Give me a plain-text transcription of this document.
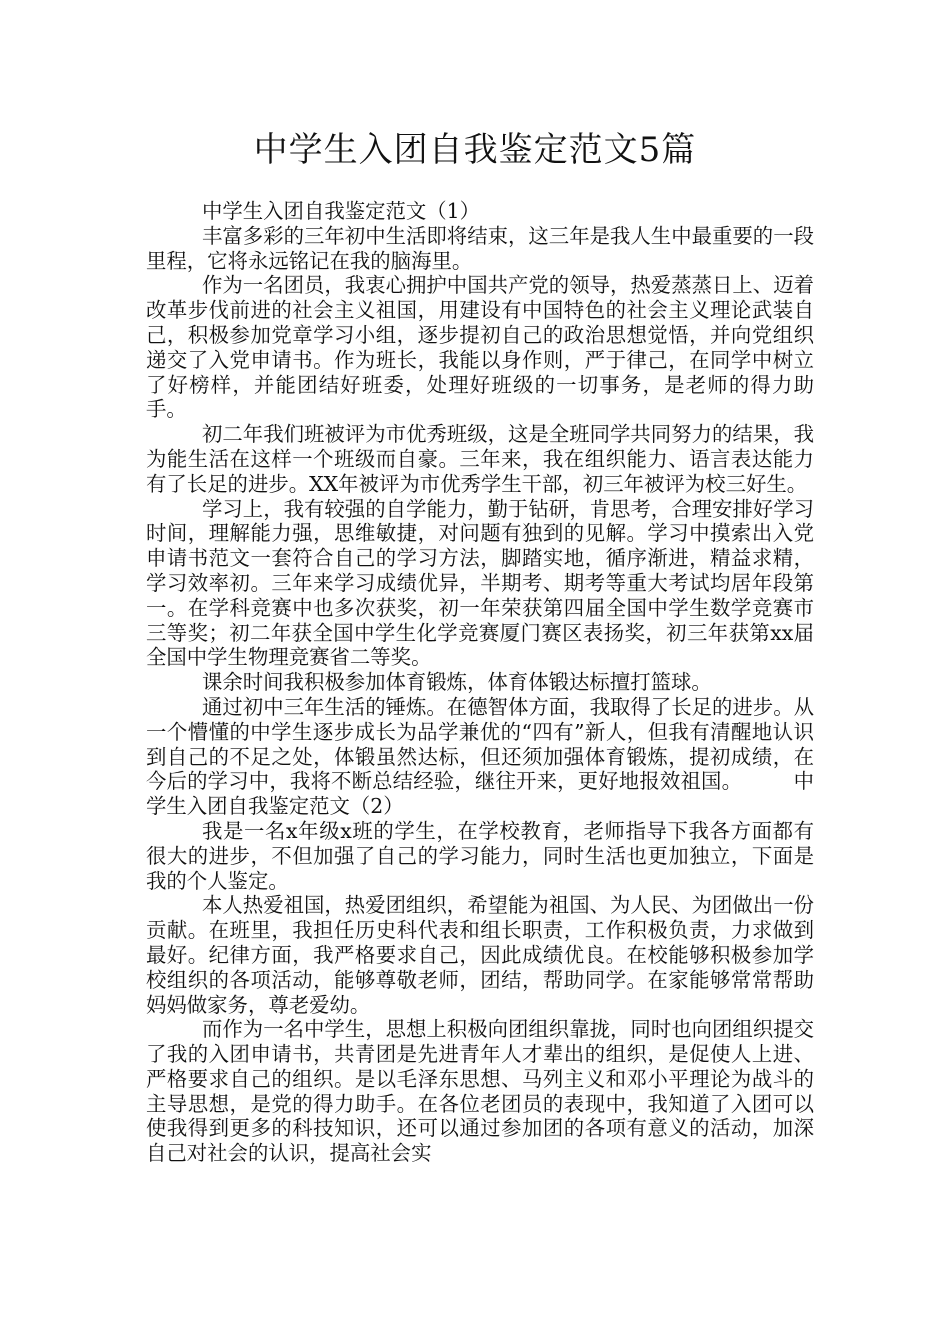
中学生入团自我鉴定范文5篇

中学生入团自我鉴定范文（1）

丰富多彩的三年初中生活即将结束，这三年是我人生中最重要的一段里程，它将永远铭记在我的脑海里。

作为一名团员，我衷心拥护中国共产党的领导，热爱蒸蒸日上、迈着改革步伐前进的社会主义祖国，用建设有中国特色的社会主义理论武装自己，积极参加党章学习小组，逐步提初自己的政治思想觉悟，并向党组织递交了入党申请书。作为班长，我能以身作则，严于律己，在同学中树立了好榜样，并能团结好班委，处理好班级的一切事务，是老师的得力助手。

初二年我们班被评为市优秀班级，这是全班同学共同努力的结果，我为能生活在这样一个班级而自豪。三年来，我在组织能力、语言表达能力有了长足的进步。XX年被评为市优秀学生干部，初三年被评为校三好生。

学习上，我有较强的自学能力，勤于钻研，肯思考，合理安排好学习时间，理解能力强，思维敏捷，对问题有独到的见解。学习中摸索出入党申请书范文一套符合自己的学习方法，脚踏实地，循序渐进，精益求精，学习效率初。三年来学习成绩优异，半期考、期考等重大考试均居年段第一。在学科竞赛中也多次获奖，初一年荣获第四届全国中学生数学竞赛市三等奖；初二年获全国中学生化学竞赛厦门赛区表扬奖，初三年获第xx届全国中学生物理竞赛省二等奖。

课余时间我积极参加体育锻炼，体育体锻达标擅打篮球。

通过初中三年生活的锤炼。在德智体方面，我取得了长足的进步。从一个懵懂的中学生逐步成长为品学兼优的“四有”新人，但我有清醒地认识到自己的不足之处，体锻虽然达标，但还须加强体育锻炼，提初成绩，在今后的学习中，我将不断总结经验，继往开来，更好地报效祖国。　　　中学生入团自我鉴定范文（2）

我是一名x年级x班的学生，在学校教育，老师指导下我各方面都有很大的进步，不但加强了自己的学习能力，同时生活也更加独立，下面是我的个人鉴定。

本人热爱祖国，热爱团组织，希望能为祖国、为人民、为团做出一份贡献。在班里，我担任历史科代表和组长职责，工作积极负责，力求做到最好。纪律方面，我严格要求自己，因此成绩优良。在校能够积极参加学校组织的各项活动，能够尊敬老师，团结，帮助同学。在家能够常常帮助妈妈做家务，尊老爱幼。

而作为一名中学生，思想上积极向团组织靠拢，同时也向团组织提交了我的入团申请书，共青团是先进青年人才辈出的组织，是促使人上进、严格要求自己的组织。是以毛泽东思想、马列主义和邓小平理论为战斗的主导思想，是党的得力助手。在各位老团员的表现中，我知道了入团可以使我得到更多的科技知识，还可以通过参加团的各项有意义的活动，加深自己对社会的认识，提高社会实
